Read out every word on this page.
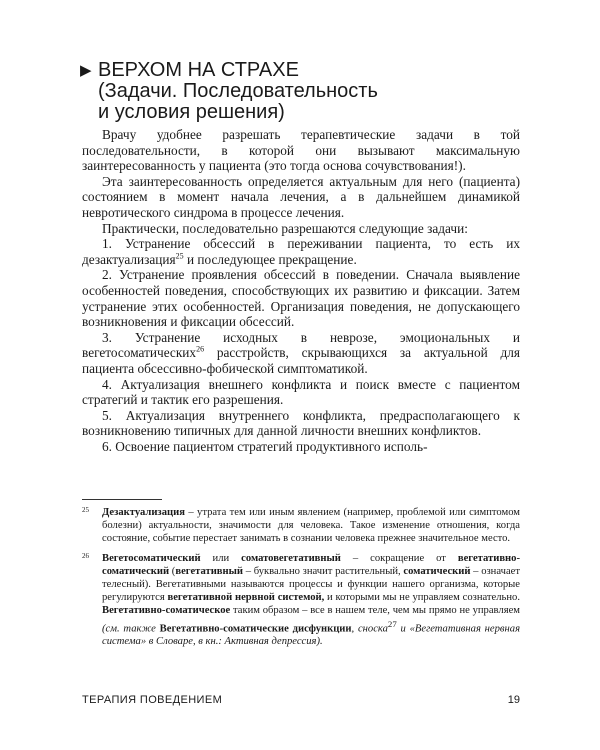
▶ ВЕРХОМ НА СТРАХЕ
(Задачи. Последовательность
и условия решения)

Врачу удобнее разрешать терапевтические задачи в той последовательности, в которой они вызывают максимальную заинтересованность у пациента (это тогда основа сочувствования!).

Эта заинтересованность определяется актуальным для него (пациента) состоянием в момент начала лечения, а в дальнейшем динамикой невротического синдрома в процессе лечения.

Практически, последовательно разрешаются следующие задачи:

1. Устранение обсессий в переживании пациента, то есть их дезактуализация$^{25}$ и последующее прекращение.

2. Устранение проявления обсессий в поведении. Сначала выявление особенностей поведения, способствующих их развитию и фиксации. Затем устранение этих особенностей. Организация поведения, не допускающего возникновения и фиксации обсессий.

3. Устранение исходных в неврозе, эмоциональных и вегетосоматических$^{26}$ расстройств, скрывающихся за актуальной для пациента обсессивно-фобической симптоматикой.

4. Актуализация внешнего конфликта и поиск вместе с пациентом стратегий и тактик его разрешения.

5. Актуализация внутреннего конфликта, предрасполагающего к возникновению типичных для данной личности внешних конфликтов.

6. Освоение пациентом стратегий продуктивного исполь-

25 Дезактуализация – утрата тем или иным явлением (например, проблемой или симптомом болезни) актуальности, значимости для человека. Такое изменение отношения, когда состояние, событие перестает занимать в сознании человека прежнее значительное место.
26 Вегетосоматический или соматовегетативный – сокращение от вегетативно-соматический (вегетативный – буквально значит растительный, соматический – означает телесный). Вегетативными называются процессы и функции нашего организма, которые регулируются вегетативной нервной системой, и которыми мы не управляем сознательно. Вегетативно-соматическое таким образом – все в нашем теле, чем мы прямо не управляем (см. также Вегетативно-соматические дисфункции, сноска$^{27}$ и «Вегетативная нервная система» в Словаре, в кн.: Активная депрессия).
ТЕРАПИЯ ПОВЕДЕНИЕМ	19
